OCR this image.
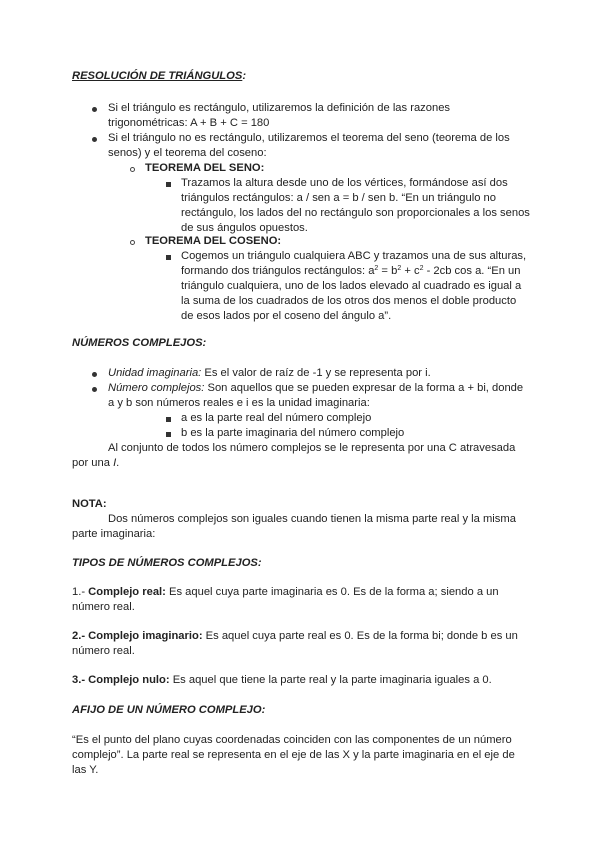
RESOLUCIÓN DE TRIÁNGULOS:
Si el triángulo es rectángulo, utilizaremos la definición de las razones
trigonométricas: A + B + C = 180
Si el triángulo no es rectángulo, utilizaremos el teorema del seno (teorema de los
senos) y el teorema del coseno:
TEOREMA DEL SENO:
Trazamos la altura desde uno de los vértices, formándose así dos
triángulos rectángulos: a / sen a = b / sen b. “En un triángulo no
rectángulo, los lados del no rectángulo son proporcionales a los senos
de sus ángulos opuestos.
TEOREMA DEL COSENO:
Cogemos un triángulo cualquiera ABC y trazamos una de sus alturas,
formando dos triángulos rectángulos: $a^2 = b^2 + c^2 - 2cb$ cos a. “En un
triángulo cualquiera, uno de los lados elevado al cuadrado es igual a
la suma de los cuadrados de los otros dos menos el doble producto
de esos lados por el coseno del ángulo a”.
NÚMEROS COMPLEJOS:
Unidad imaginaria: Es el valor de raíz de -1 y se representa por i.
Número complejos: Son aquellos que se pueden expresar de la forma a + bi, donde
a y b son números reales e i es la unidad imaginaria:
a es la parte real del número complejo
b es la parte imaginaria del número complejo
Al conjunto de todos los número complejos se le representa por una C atravesada
por una I.
NOTA:
Dos números complejos son iguales cuando tienen la misma parte real y la misma
parte imaginaria:
TIPOS DE NÚMEROS COMPLEJOS:
1.- Complejo real: Es aquel cuya parte imaginaria es 0. Es de la forma a; siendo a un
número real.
2.- Complejo imaginario: Es aquel cuya parte real es 0. Es de la forma bi; donde b es un
número real.
3.- Complejo nulo: Es aquel que tiene la parte real y la parte imaginaria iguales a 0.
AFIJO DE UN NÚMERO COMPLEJO:
“Es el punto del plano cuyas coordenadas coinciden con las componentes de un número
complejo”. La parte real se representa en el eje de las X y la parte imaginaria en el eje de
las Y.
